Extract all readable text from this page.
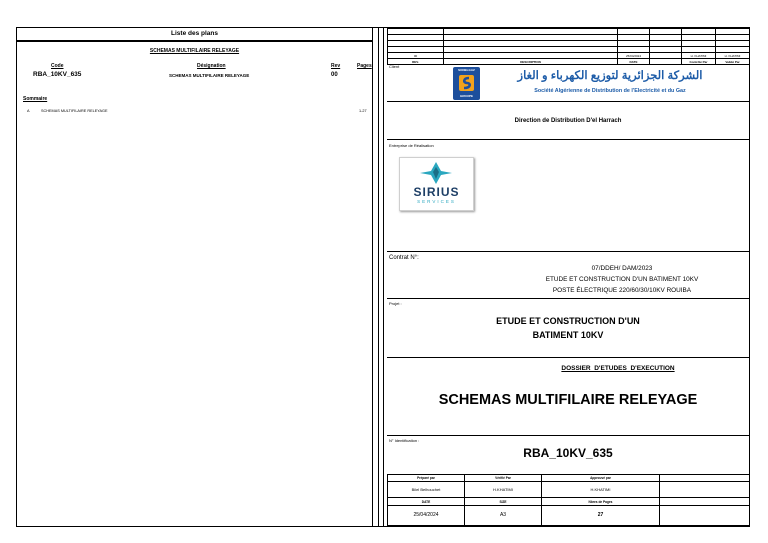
Liste des plans
SCHEMAS MULTIFILAIRE RELEYAGE
Code	Désignation	Rev	Pages
RBA_10KV_635	SCHEMAS MULTIFILAIRE RELEYAGE	00
Sommaire
A	SCHEMAS MULTIFILAIRE RELEYAGE	1-27

00		25/04/2024		H. KHATIMI	H. KHATIMI
REV.	DESCRIPTION	DATE		Contrôlé Par	Validé Par
Client
SONELGAZ
GROUPE
الشركة الجزائرية لتوزيع الكهرباء و الغاز
Société Algérienne de Distribution de l'Electricité et du Gaz
Direction de Distribution D'el Harrach
Entreprise de Réalisation
SIRIUS
SERVICES
Contrat N°:
07/DDEH/ DAM/2023
ETUDE ET CONSTRUCTION D'UN BATIMENT 10KV
POSTE ÉLECTRIQUE 220/60/30/10KV ROUIBA
Projet :
ETUDE ET CONSTRUCTION D'UN
BATIMENT 10KV
DOSSIER  D'ETUDES  D'EXECUTION
SCHEMAS MULTIFILAIRE RELEYAGE
N° Identification :
RBA_10KV_635
Préparé par	Vérifié Par	Approuvé par	
Bilel Belhouchet	H.KHATIMI	H.KHATIMI	
DATE	SIZE	Nbres de Pages	
25/04/2024	A3	27	
